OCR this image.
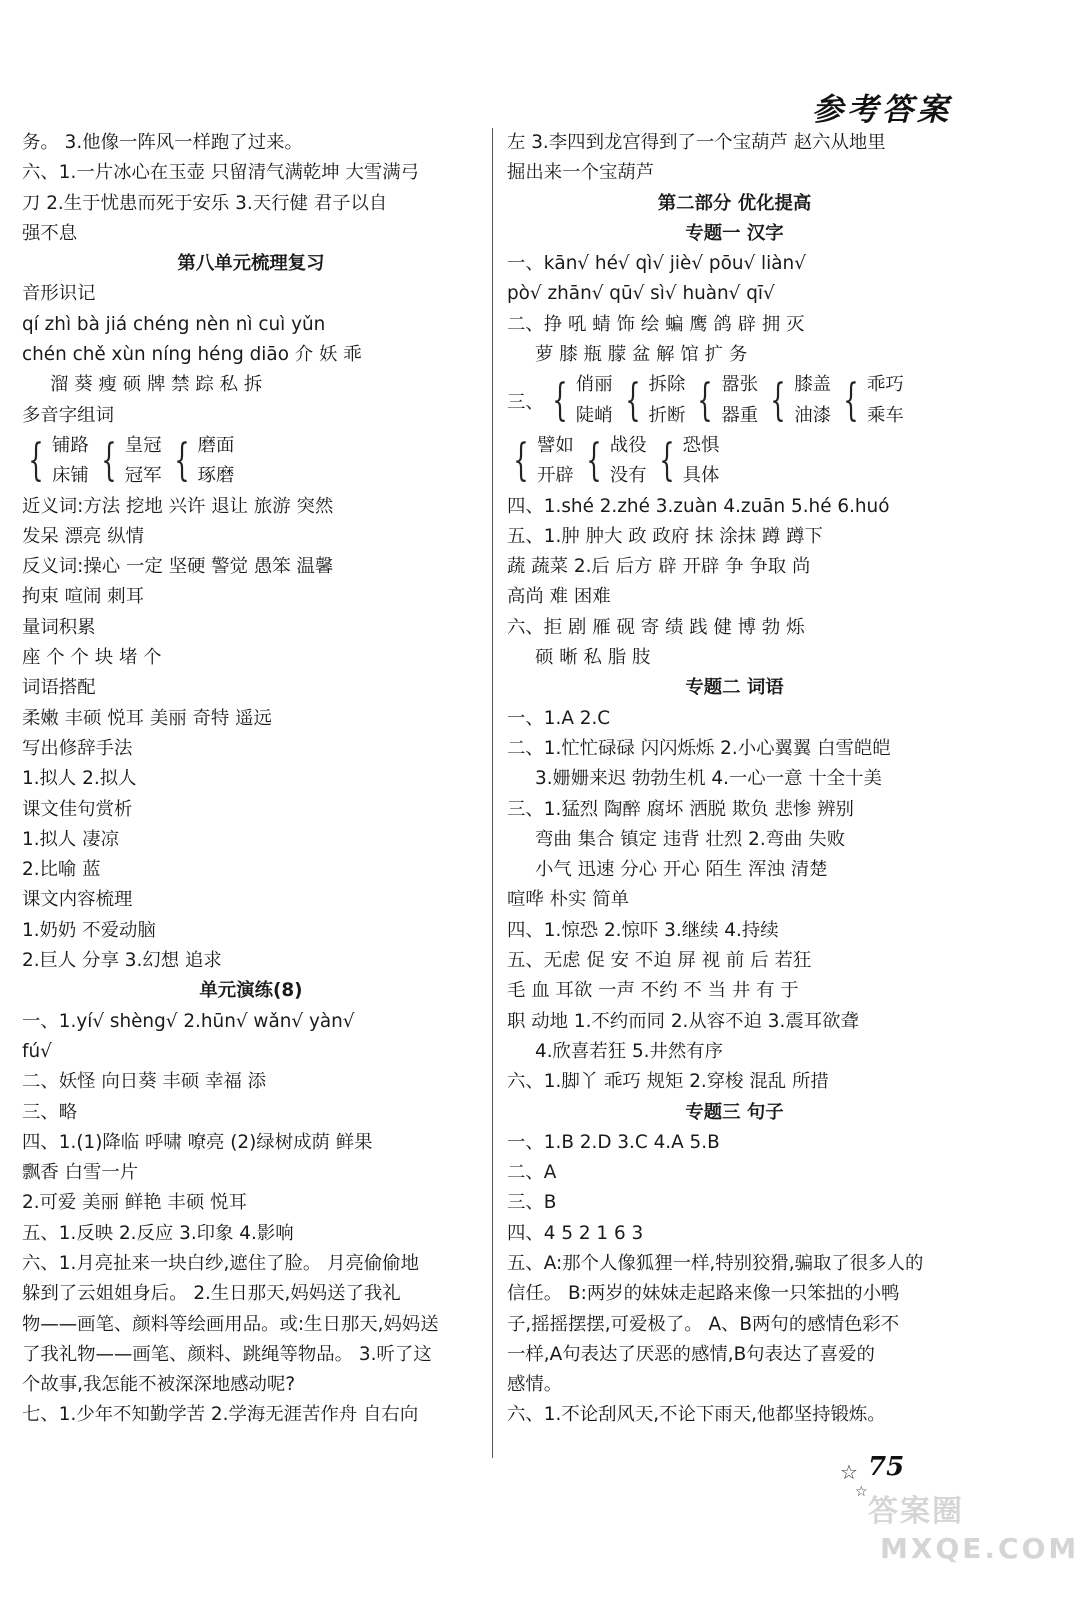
参考答案
务。 3.他像一阵风一样跑了过来。
六、1.一片冰心在玉壶 只留清气满乾坤 大雪满弓
刀 2.生于忧患而死于安乐 3.天行健 君子以自
强不息
第八单元梳理复习
音形识记
qí zhì bà jiá chéng nèn nì cuì yǔn
chén chě xùn níng héng diāo 介 妖 乖
溜 葵 瘦 硕 牌 禁 踪 私 拆
多音字组词
{ 铺路
床铺 { 皇冠
冠军 { 磨面
琢磨
近义词:方法 挖地 兴许 退让 旅游 突然
发呆 漂亮 纵情
反义词:操心 一定 坚硬 警觉 愚笨 温馨
拘束 喧闹 刺耳
量词积累
座 个 个 块 堵 个
词语搭配
柔嫩 丰硕 悦耳 美丽 奇特 遥远
写出修辞手法
1.拟人 2.拟人
课文佳句赏析
1.拟人 凄凉
2.比喻 蓝
课文内容梳理
1.奶奶 不爱动脑
2.巨人 分享 3.幻想 追求
单元演练(8)
一、1.yí√ shèng√ 2.hūn√ wǎn√ yàn√
fú√
二、妖怪 向日葵 丰硕 幸福 添
三、略
四、1.(1)降临 呼啸 嘹亮 (2)绿树成荫 鲜果
飘香 白雪一片
2.可爱 美丽 鲜艳 丰硕 悦耳
五、1.反映 2.反应 3.印象 4.影响
六、1.月亮扯来一块白纱,遮住了脸。 月亮偷偷地
躲到了云姐姐身后。 2.生日那天,妈妈送了我礼
物——画笔、颜料等绘画用品。或:生日那天,妈妈送
了我礼物——画笔、颜料、跳绳等物品。 3.听了这
个故事,我怎能不被深深地感动呢?
七、1.少年不知勤学苦 2.学海无涯苦作舟 自右向
左 3.李四到龙宫得到了一个宝葫芦 赵六从地里
掘出来一个宝葫芦
第二部分 优化提高
专题一 汉字
一、kān√ hé√ qì√ jiè√ pōu√ liàn√
pò√ zhān√ qū√ sì√ huàn√ qī√
二、挣 吼 蜻 饰 绘 蝙 鹰 鸽 辟 拥 灭
萝 膝 瓶 朦 盆 解 馆 扩 务
三、 { 俏丽
陡峭 { 拆除
折断 { 嚣张
器重 { 膝盖
油漆 { 乖巧
乘车
{ 譬如
开辟 { 战役
没有 { 恐惧
具体
四、1.shé 2.zhé 3.zuàn 4.zuān 5.hé 6.huó
五、1.肿 肿大 政 政府 抹 涂抹 蹲 蹲下
蔬 蔬菜 2.后 后方 辟 开辟 争 争取 尚
高尚 难 困难
六、拒 剧 雁 砚 寄 绩 践 健 博 勃 烁
硕 晰 私 脂 肢
专题二 词语
一、1.A 2.C
二、1.忙忙碌碌 闪闪烁烁 2.小心翼翼 白雪皑皑
3.姗姗来迟 勃勃生机 4.一心一意 十全十美
三、1.猛烈 陶醉 腐坏 洒脱 欺负 悲惨 辨别
弯曲 集合 镇定 违背 壮烈 2.弯曲 失败
小气 迅速 分心 开心 陌生 浑浊 清楚
喧哗 朴实 简单
四、1.惊恐 2.惊吓 3.继续 4.持续
五、无虑 促 安 不迫 屏 视 前 后 若狂
毛 血 耳欲 一声 不约 不 当 井 有 于
职 动地 1.不约而同 2.从容不迫 3.震耳欲聋
4.欣喜若狂 5.井然有序
六、1.脚丫 乖巧 规矩 2.穿梭 混乱 所措
专题三 句子
一、1.B 2.D 3.C 4.A 5.B
二、A
三、B
四、4 5 2 1 6 3
五、A:那个人像狐狸一样,特别狡猾,骗取了很多人的
信任。 B:两岁的妹妹走起路来像一只笨拙的小鸭
子,摇摇摆摆,可爱极了。 A、B两句的感情色彩不
一样,A句表达了厌恶的感情,B句表达了喜爱的
感情。
六、1.不论刮风天,不论下雨天,他都坚持锻炼。
☆
☆
75
答案圈
MXQE.COM
